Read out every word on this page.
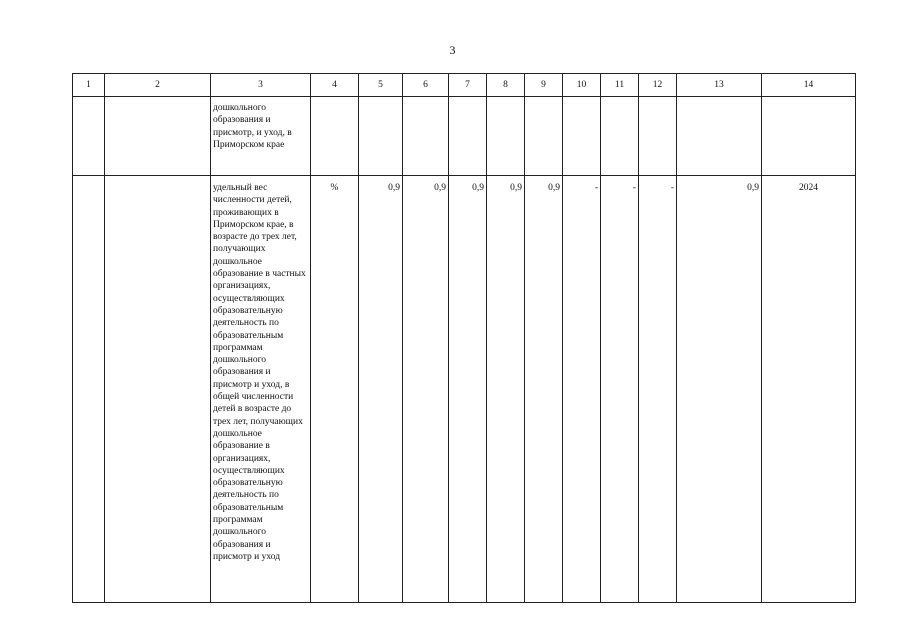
3
1	2	3	4	5	6	7	8	9	10	11	12	13	14
		дошкольного образования и присмотр, и уход, в Приморском крае											
		удельный вес численности детей, проживающих в Приморском крае, в возрасте до трех лет, получающих дошкольное образование в частных организациях, осуществляющих образовательную деятельность по образовательным программам дошкольного образования и присмотр и уход, в общей численности детей в возрасте до трех лет, получающих дошкольное образование в организациях, осуществляющих образовательную деятельность по образовательным программам дошкольного образования и присмотр и уход	%	0,9	0,9	0,9	0,9	0,9	-	-	-	0,9	2024
